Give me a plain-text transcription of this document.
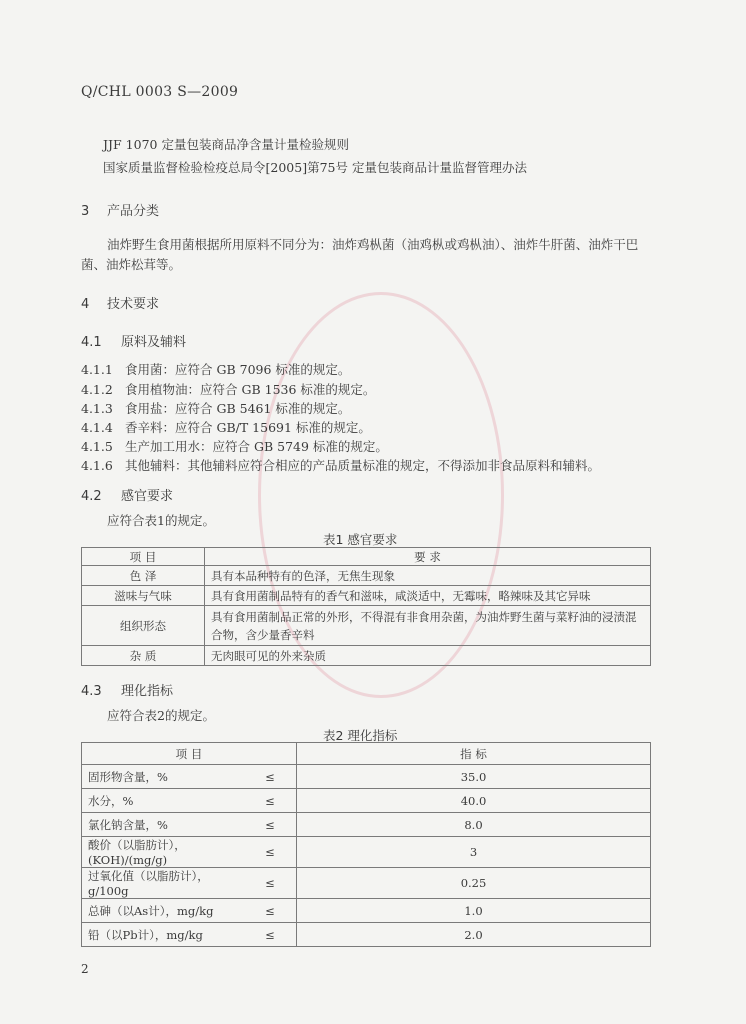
Q/CHL 0003 S—2009
JJF 1070 定量包装商品净含量计量检验规则
国家质量监督检验检疫总局令[2005]第75号 定量包装商品计量监督管理办法
3 产品分类
油炸野生食用菌根据所用原料不同分为：油炸鸡枞菌（油鸡枞或鸡枞油）、油炸牛肝菌、油炸干巴菌、油炸松茸等。
4 技术要求
4.1 原料及辅料
4.1.1 食用菌：应符合 GB 7096 标准的规定。
4.1.2 食用植物油：应符合 GB 1536 标准的规定。
4.1.3 食用盐：应符合 GB 5461 标准的规定。
4.1.4 香辛料：应符合 GB/T 15691 标准的规定。
4.1.5 生产加工用水：应符合 GB 5749 标准的规定。
4.1.6 其他辅料：其他辅料应符合相应的产品质量标准的规定，不得添加非食品原料和辅料。
4.2 感官要求
应符合表1的规定。
表1 感官要求
项 目	要 求
色 泽	具有本品种特有的色泽，无焦生现象
滋味与气味	具有食用菌制品特有的香气和滋味，咸淡适中，无霉味，略辣味及其它异味
组织形态	具有食用菌制品正常的外形，不得混有非食用杂菌，为油炸野生菌与菜籽油的浸渍混合物，含少量香辛料
杂 质	无肉眼可见的外来杂质
4.3 理化指标
应符合表2的规定。
表2 理化指标
项 目		指 标
固形物含量，%	≤	35.0
水分，%	≤	40.0
氯化钠含量，%	≤	8.0
酸价（以脂肪计），(KOH)/(mg/g)	≤	3
过氧化值（以脂肪计），g/100g	≤	0.25
总砷（以As计），mg/kg	≤	1.0
铅（以Pb计），mg/kg	≤	2.0
2
